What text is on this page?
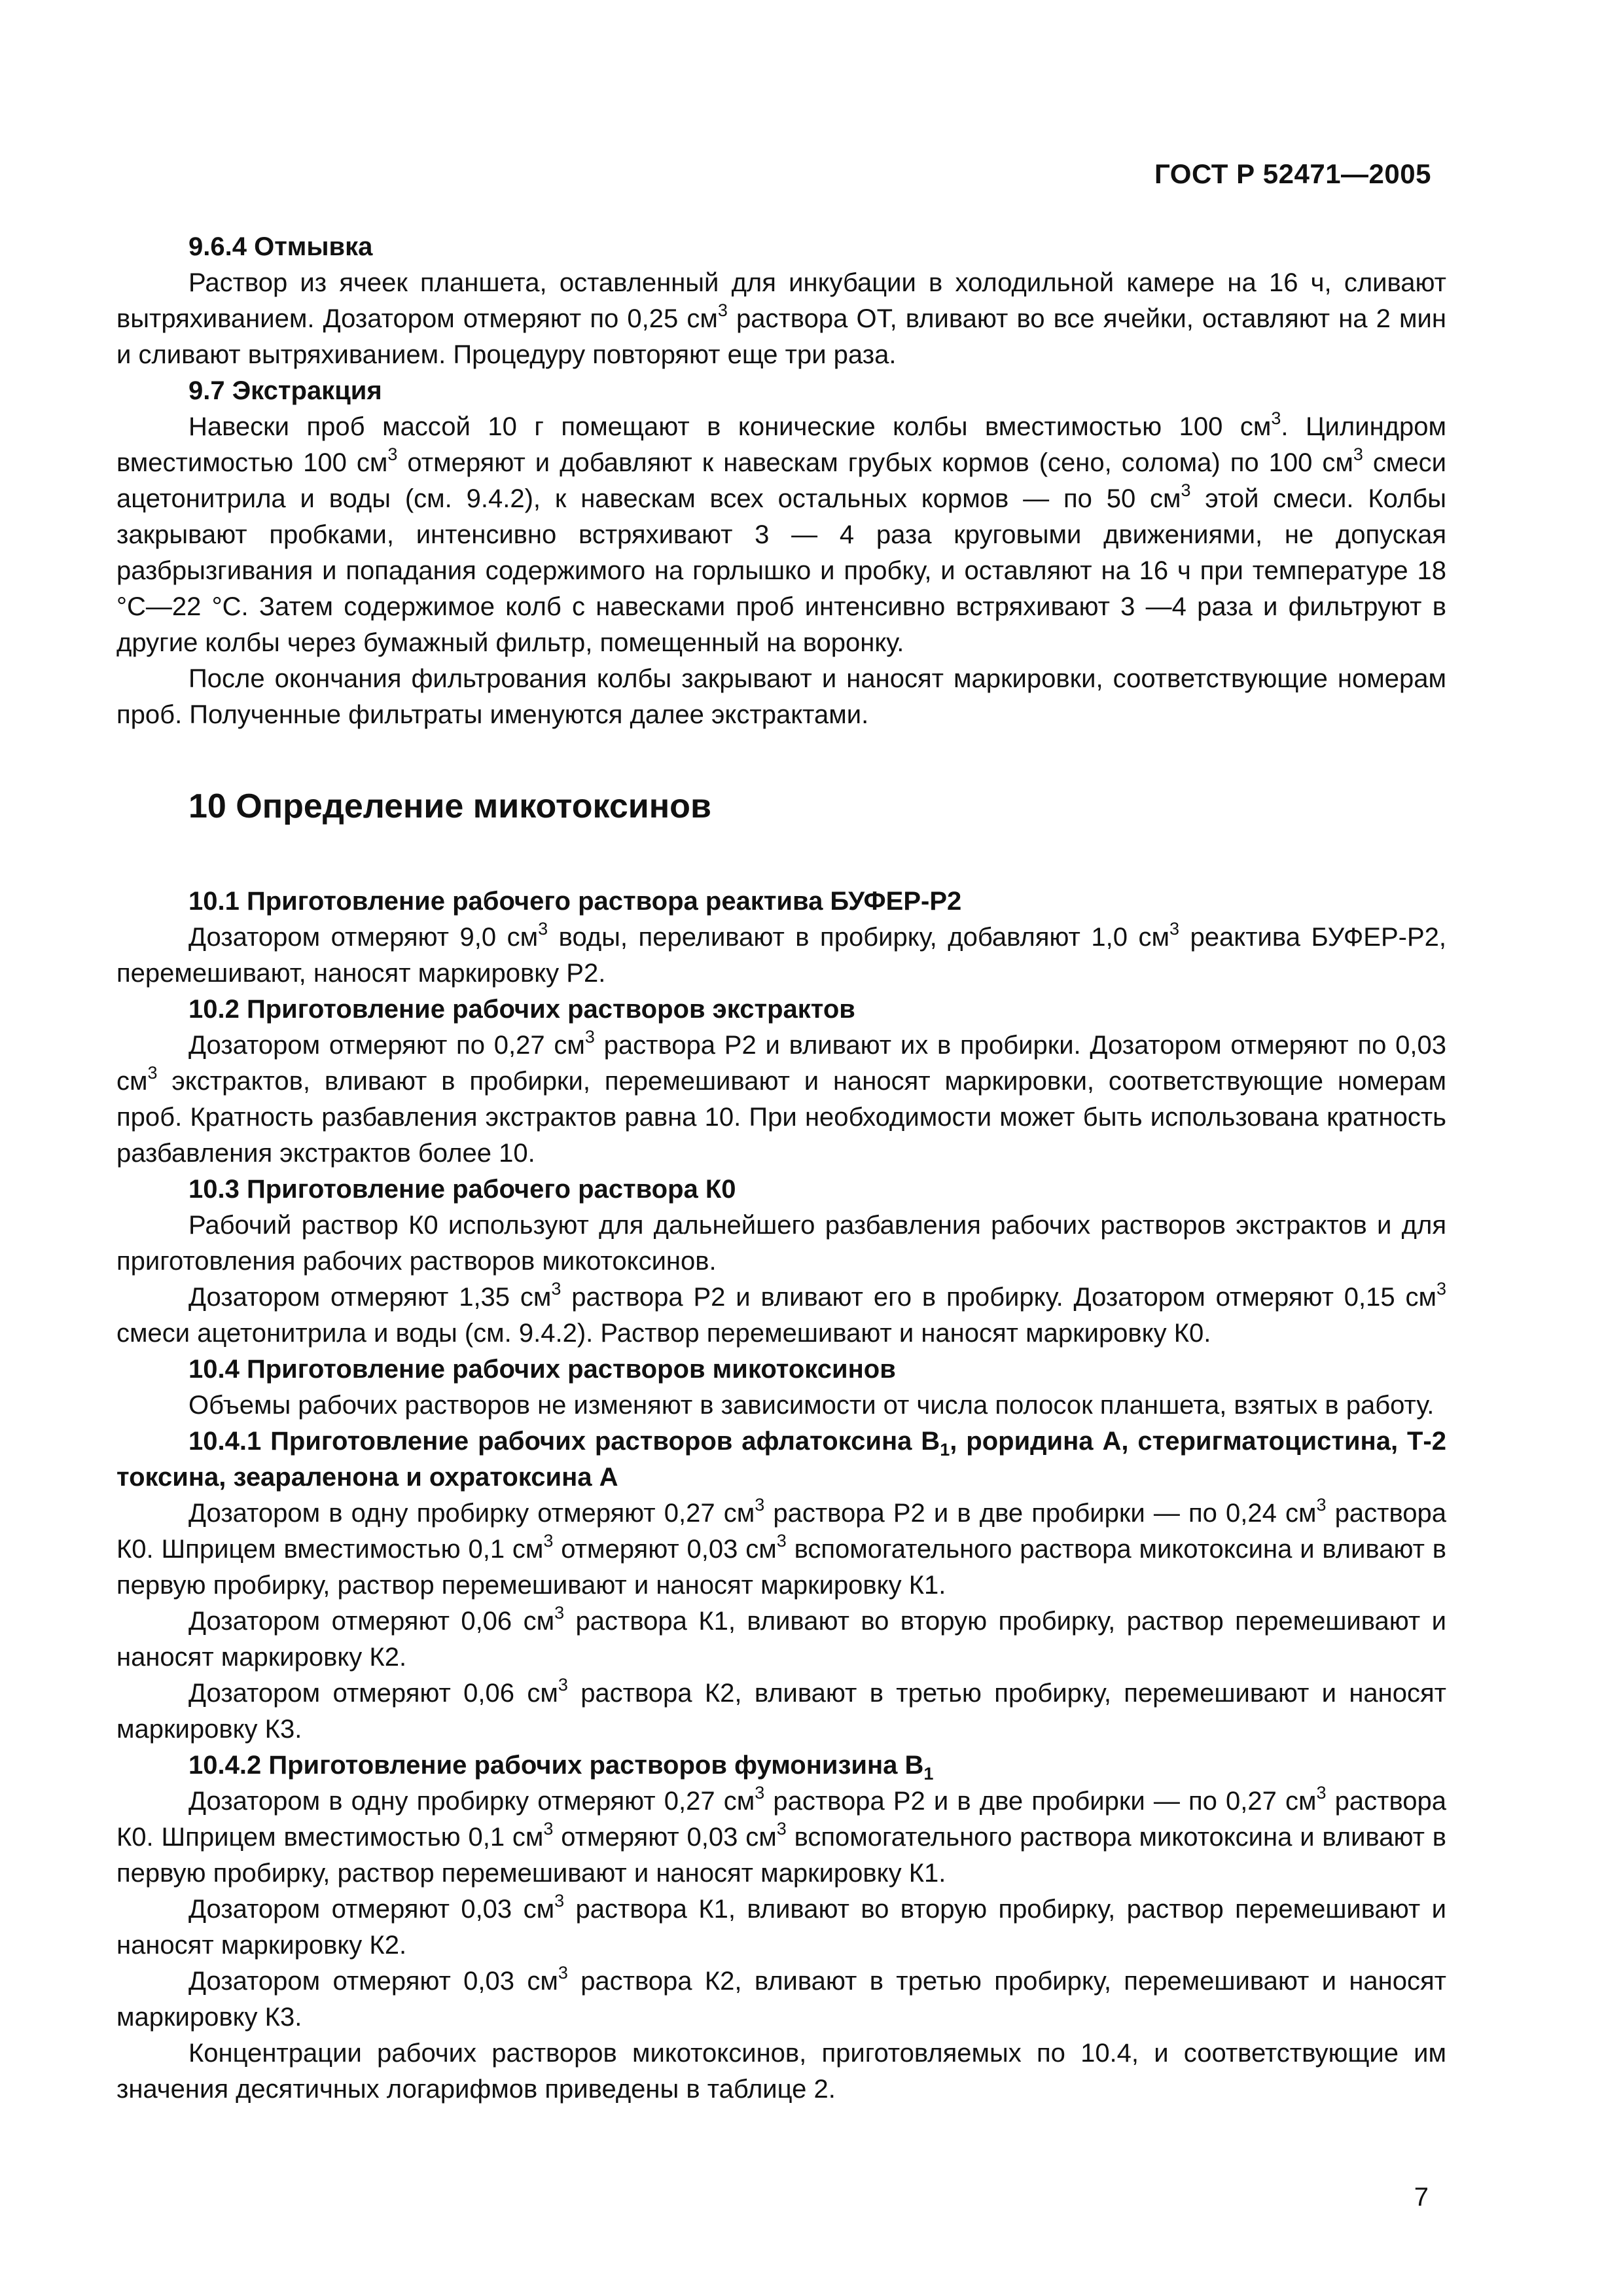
ГОСТ Р 52471—2005

9.6.4 Отмывка

Раствор из ячеек планшета, оставленный для инкубации в холодильной камере на 16 ч, сливают вытряхиванием. Дозатором отмеряют по 0,25 $см^3$ раствора ОТ, вливают во все ячейки, оставляют на 2 мин и сливают вытряхиванием. Процедуру повторяют еще три раза.

9.7 Экстракция

Навески проб массой 10 г помещают в конические колбы вместимостью 100 $см^3$. Цилиндром вместимостью 100 $см^3$ отмеряют и добавляют к навескам грубых кормов (сено, солома) по 100 $см^3$ смеси ацетонитрила и воды (см. 9.4.2), к навескам всех остальных кормов — по 50 $см^3$ этой смеси. Колбы закрывают пробками, интенсивно встряхивают 3 — 4 раза круговыми движениями, не допуская разбрызгивания и попадания содержимого на горлышко и пробку, и оставляют на 16 ч при температуре 18 °С—22 °С. Затем содержимое колб с навесками проб интенсивно встряхивают 3 —4 раза и фильтруют в другие колбы через бумажный фильтр, помещенный на воронку.

После окончания фильтрования колбы закрывают и наносят маркировки, соответствующие номерам проб. Полученные фильтраты именуются далее экстрактами.

10 Определение микотоксинов

10.1 Приготовление рабочего раствора реактива БУФЕР-Р2

Дозатором отмеряют 9,0 $см^3$ воды, переливают в пробирку, добавляют 1,0 $см^3$ реактива БУФЕР-Р2, перемешивают, наносят маркировку Р2.

10.2 Приготовление рабочих растворов экстрактов

Дозатором отмеряют по 0,27 $см^3$ раствора Р2 и вливают их в пробирки. Дозатором отмеряют по 0,03 $см^3$ экстрактов, вливают в пробирки, перемешивают и наносят маркировки, соответствующие номерам проб. Кратность разбавления экстрактов равна 10. При необходимости может быть использована кратность разбавления экстрактов более 10.

10.3 Приготовление рабочего раствора К0

Рабочий раствор К0 используют для дальнейшего разбавления рабочих растворов экстрактов и для приготовления рабочих растворов микотоксинов.

Дозатором отмеряют 1,35 $см^3$ раствора Р2 и вливают его в пробирку. Дозатором отмеряют 0,15 $см^3$ смеси ацетонитрила и воды (см. 9.4.2). Раствор перемешивают и наносят маркировку К0.

10.4 Приготовление рабочих растворов микотоксинов

Объемы рабочих растворов не изменяют в зависимости от числа полосок планшета, взятых в работу.

10.4.1 Приготовление рабочих растворов афлатоксина $B_1$, роридина А, стеригматоцистина, Т-2 токсина, зеараленона и охратоксина А

Дозатором в одну пробирку отмеряют 0,27 $см^3$ раствора Р2 и в две пробирки — по 0,24 $см^3$ раствора К0. Шприцем вместимостью 0,1 $см^3$ отмеряют 0,03 $см^3$ вспомогательного раствора микотоксина и вливают в первую пробирку, раствор перемешивают и наносят маркировку К1.

Дозатором отмеряют 0,06 $см^3$ раствора К1, вливают во вторую пробирку, раствор перемешивают и наносят маркировку К2.

Дозатором отмеряют 0,06 $см^3$ раствора К2, вливают в третью пробирку, перемешивают и наносят маркировку К3.

10.4.2 Приготовление рабочих растворов фумонизина $B_1$

Дозатором в одну пробирку отмеряют 0,27 $см^3$ раствора Р2 и в две пробирки — по 0,27 $см^3$ раствора К0. Шприцем вместимостью 0,1 $см^3$ отмеряют 0,03 $см^3$ вспомогательного раствора микотоксина и вливают в первую пробирку, раствор перемешивают и наносят маркировку К1.

Дозатором отмеряют 0,03 $см^3$ раствора К1, вливают во вторую пробирку, раствор перемешивают и наносят маркировку К2.

Дозатором отмеряют 0,03 $см^3$ раствора К2, вливают в третью пробирку, перемешивают и наносят маркировку К3.

Концентрации рабочих растворов микотоксинов, приготовляемых по 10.4, и соответствующие им значения десятичных логарифмов приведены в таблице 2.

7
